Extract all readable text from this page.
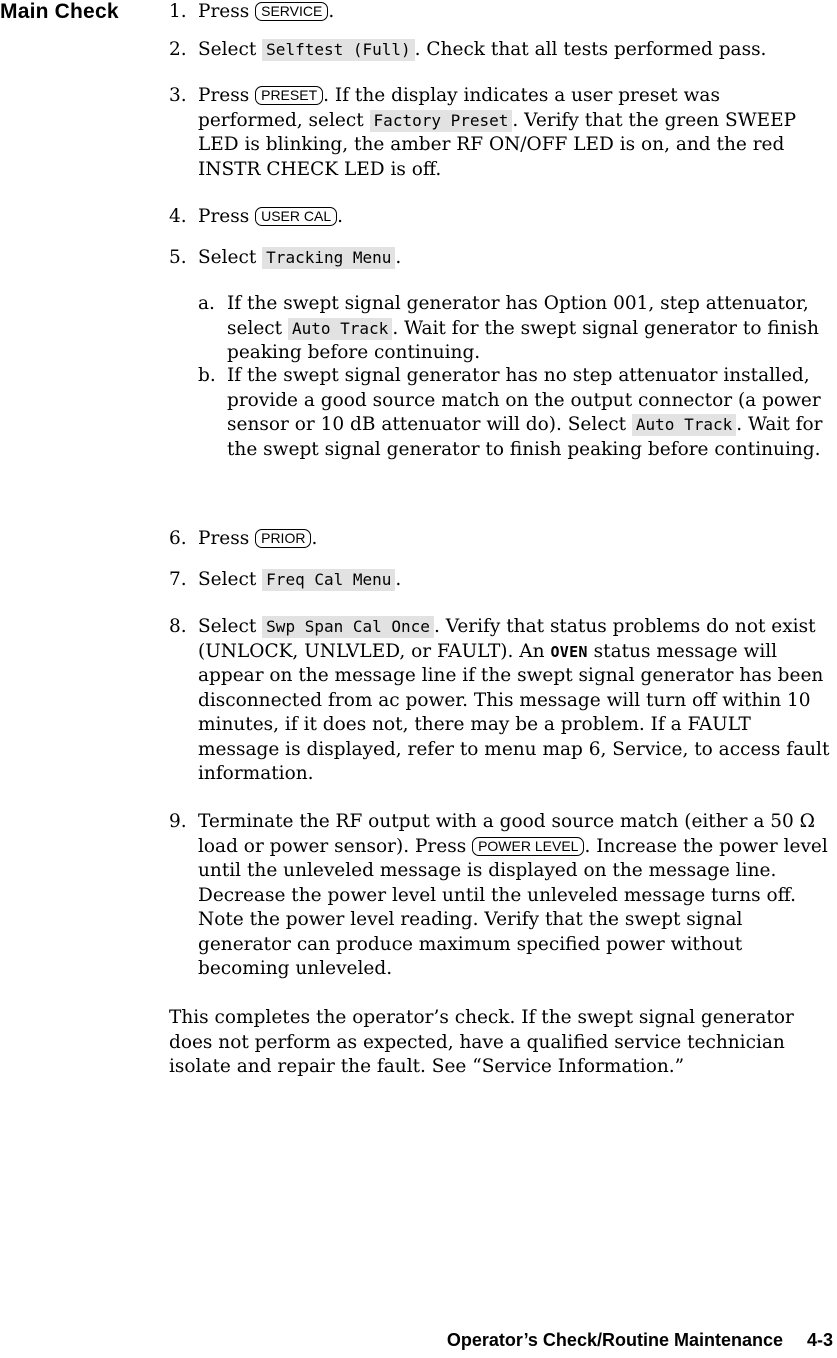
Main Check	1. Press SERVICE .
2. Select Selftest (Full) . Check that all tests performed pass.
3. Press PRESET . If the display indicates a user preset was performed, select Factory Preset . Verify that the green SWEEP LED is blinking, the amber RF ON/OFF LED is on, and the red INSTR CHECK LED is off.
4. Press USER CAL .
5. Select Tracking Menu .
a. If the swept signal generator has Option 001, step attenuator, select Auto Track . Wait for the swept signal generator to finish peaking before continuing.
b. If the swept signal generator has no step attenuator installed, provide a good source match on the output connector (a power sensor or 10 dB attenuator will do). Select Auto Track . Wait for the swept signal generator to finish peaking before continuing.
6. Press PRIOR .
7. Select Freq Cal Menu .
8. Select Swp Span Cal Once . Verify that status problems do not exist (UNLOCK, UNLVLED, or FAULT). An OVEN status message will appear on the message line if the swept signal generator has been disconnected from ac power. This message will turn off within 10 minutes, if it does not, there may be a problem. If a FAULT message is displayed, refer to menu map 6, Service, to access fault information.
9. Terminate the RF output with a good source match (either a 50 Ω load or power sensor). Press POWER LEVEL . Increase the power level until the unleveled message is displayed on the message line. Decrease the power level until the unleveled message turns off. Note the power level reading. Verify that the swept signal generator can produce maximum specified power without becoming unleveled.
This completes the operator’s check. If the swept signal generator does not perform as expected, have a qualified service technician isolate and repair the fault. See “Service Information.”
Operator’s Check/Routine Maintenance 4-3
